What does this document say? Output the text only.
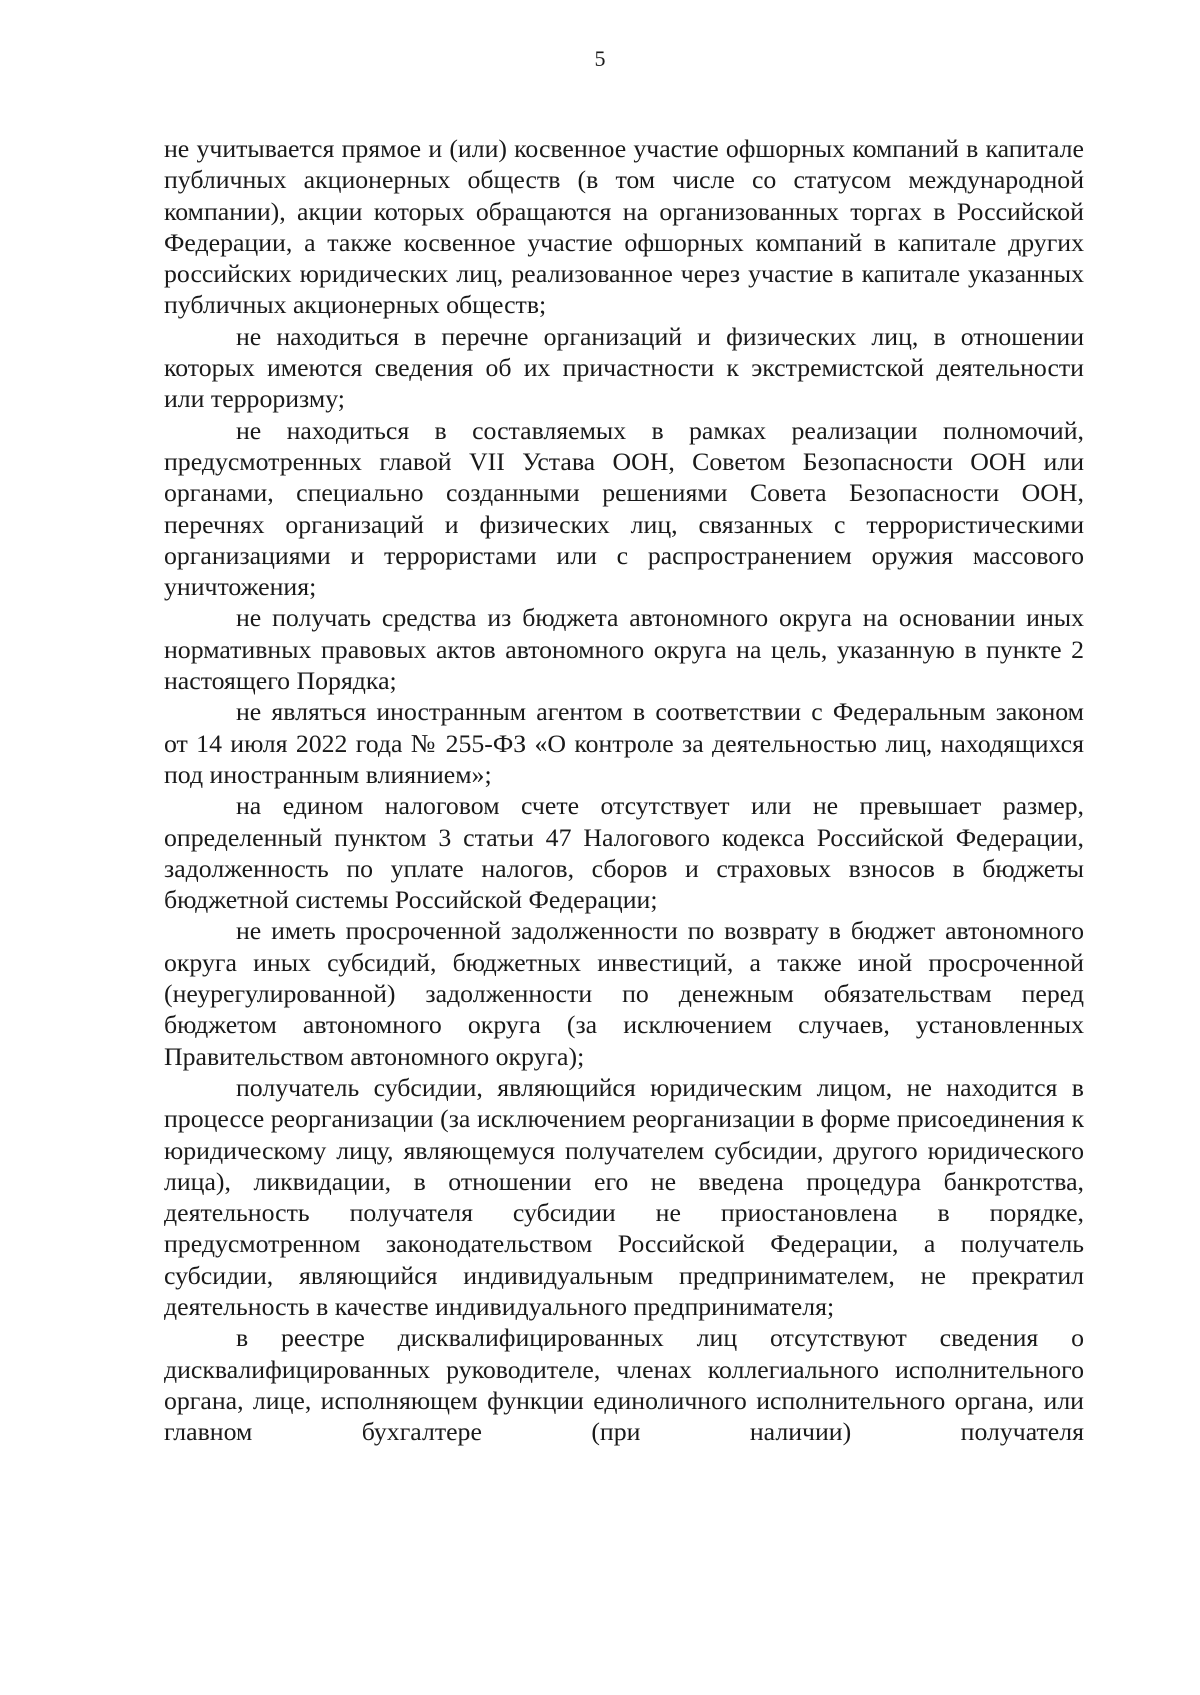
5

не учитывается прямое и (или) косвенное участие офшорных компаний в капитале публичных акционерных обществ (в том числе со статусом международной компании), акции которых обращаются на организованных торгах в Российской Федерации, а также косвенное участие офшорных компаний в капитале других российских юридических лиц, реализованное через участие в капитале указанных публичных акционерных обществ;

не находиться в перечне организаций и физических лиц, в отношении которых имеются сведения об их причастности к экстремистской деятельности или терроризму;

не находиться в составляемых в рамках реализации полномочий, предусмотренных главой VII Устава ООН, Советом Безопасности ООН или органами, специально созданными решениями Совета Безопасности ООН, перечнях организаций и физических лиц, связанных с террористическими организациями и террористами или с распространением оружия массового уничтожения;

не получать средства из бюджета автономного округа на основании иных нормативных правовых актов автономного округа на цель, указанную в пункте 2 настоящего Порядка;

не являться иностранным агентом в соответствии с Федеральным законом от 14 июля 2022 года № 255-ФЗ «О контроле за деятельностью лиц, находящихся под иностранным влиянием»;

на едином налоговом счете отсутствует или не превышает размер, определенный пунктом 3 статьи 47 Налогового кодекса Российской Федерации, задолженность по уплате налогов, сборов и страховых взносов в бюджеты бюджетной системы Российской Федерации;

не иметь просроченной задолженности по возврату в бюджет автономного округа иных субсидий, бюджетных инвестиций, а также иной просроченной (неурегулированной) задолженности по денежным обязательствам перед бюджетом автономного округа (за исключением случаев, установленных Правительством автономного округа);

получатель субсидии, являющийся юридическим лицом, не находится в процессе реорганизации (за исключением реорганизации в форме присоединения к юридическому лицу, являющемуся получателем субсидии, другого юридического лица), ликвидации, в отношении его не введена процедура банкротства, деятельность получателя субсидии не приостановлена в порядке, предусмотренном законодательством Российской Федерации, а получатель субсидии, являющийся индивидуальным предпринимателем, не прекратил деятельность в качестве индивидуального предпринимателя;

в реестре дисквалифицированных лиц отсутствуют сведения о дисквалифицированных руководителе, членах коллегиального исполнительного органа, лице, исполняющем функции единоличного исполнительного органа, или главном бухгалтере (при наличии) получателя
